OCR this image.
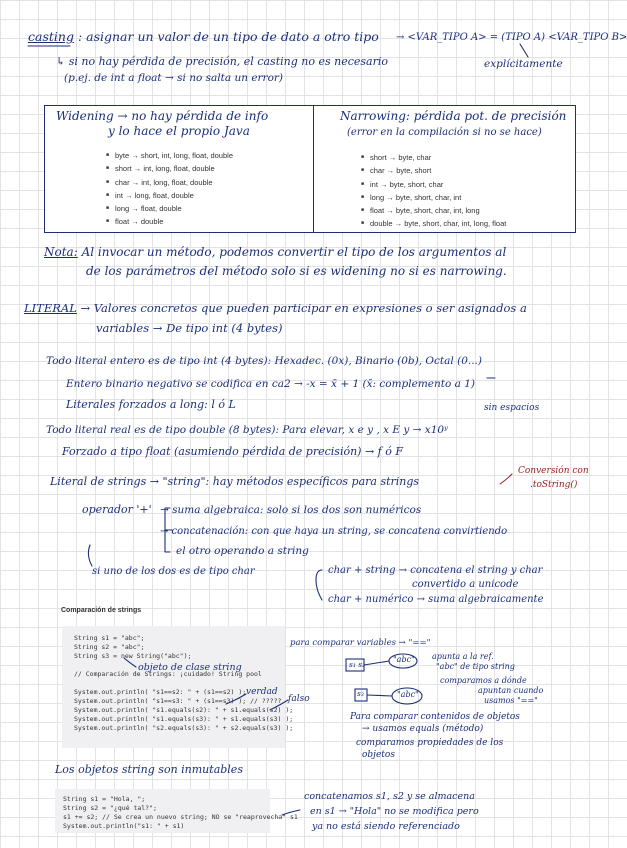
casting : asignar un valor de un tipo de dato a otro tipo → <VAR_TIPO A> = (TIPO A) <VAR_TIPO B>
explícitamente
↳ si no hay pérdida de precisión, el casting no es necesario
(p.ej. de int a float → si no salta un error)
Widening → no hay pérdida de info
y lo hace el propio Java
■ byte → short, int, long, float, double
■ short → int, long, float, double
■ char → int, long, float, double
■ int → long, float, double
■ long → float, double
■ float → double
Narrowing: pérdida pot. de precisión
(error en la compilación si no se hace)
■ short → byte, char
■ char → byte, short
■ int → byte, short, char
■ long → byte, short, char, int
■ float → byte, short, char, int, long
■ double → byte, short, char, int, long, float
Nota: Al invocar un método, podemos convertir el tipo de los argumentos al
de los parámetros del método solo si es widening no si es narrowing.
LITERAL → Valores concretos que pueden participar en expresiones o ser asignados a
variables → De tipo int (4 bytes)
Todo literal entero es de tipo int (4 bytes): Hexadec. (0x), Binario (0b), Octal (0...)
Entero binario negativo se codifica en ca2 → -x = x̄ + 1 (x̄: complemento a 1)
Literales forzados a long: l ó L	sin espacios
Todo literal real es de tipo double (8 bytes): Para elevar, x e y , x E y → x10ʸ
Forzado a tipo float (asumiendo pérdida de precisión) → f ó F
Conversión con
.toString()
Literal de strings → "string": hay métodos específicos para strings
operador '+' → suma algebraica: solo si los dos son numéricos
→ concatenación: con que haya un string, se concatena convirtiendo
el otro operando a string
si uno de los dos es de tipo char	char + string → concatena el string y char
convertido a unicode
char + numérico → suma algebraicamente
Comparación de strings
String s1 = "abc";
String s2 = "abc";
String s3 = new String("abc");
// Comparación de Strings: ¡cuidado! String pool
System.out.println( "s1==s2: " + (s1==s2) );
System.out.println( "s1==s3: " + (s1==s3) ); // ?????
System.out.println( "s1.equals(s2): " + s1.equals(s2) );
System.out.println( "s1.equals(s3): " + s1.equals(s3) );
System.out.println( "s2.equals(s3): " + s2.equals(s3) );
objeto de clase string
verdad
falso
para comparar variables → "=="
apunta a la ref.
"abc" de tipo string
comparamos a dónde
apuntan cuando
usamos "=="
Para comparar contenidos de objetos
→ usamos equals (método)
comparamos propiedades de los
objetos
s₁ s₂
s₃
"abc"
"abc"
Los objetos string son inmutables
String s1 = "Hola, ";
String s2 = "¿qué tal?";
s1 += s2; // Se crea un nuevo string; NO se "reaprovecha" s1
System.out.println("s1: " + s1)
concatenamos s1, s2 y se almacena
en s1 → "Hola" no se modifica pero
ya no está siendo referenciado
